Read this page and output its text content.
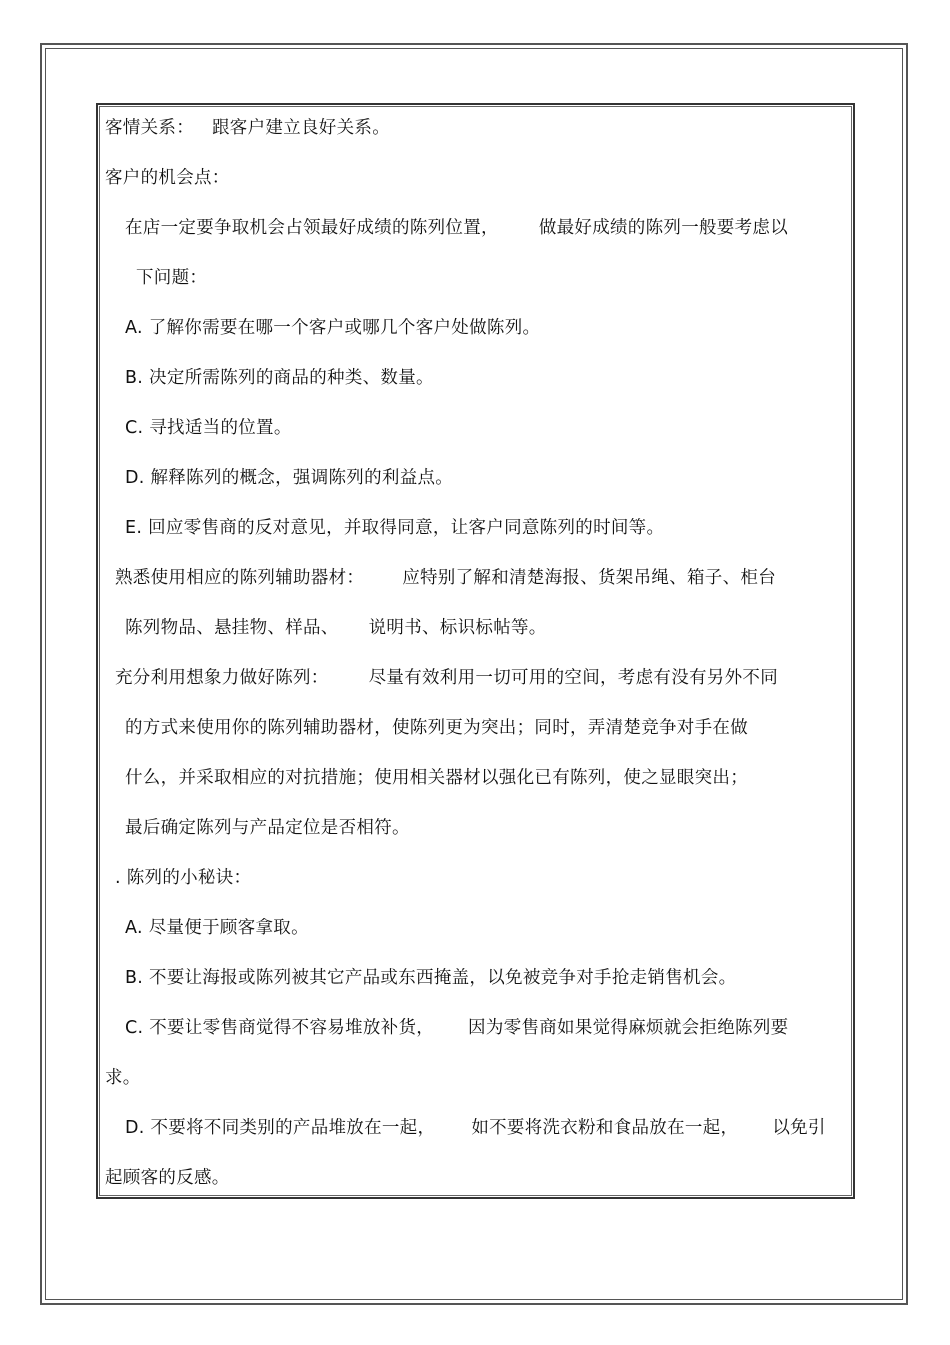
客情关系： 跟客户建立良好关系。
客户的机会点：
在店一定要争取机会占领最好成绩的陈列位置， 做最好成绩的陈列一般要考虑以
下问题：
A. 了解你需要在哪一个客户或哪几个客户处做陈列。
B. 决定所需陈列的商品的种类、数量。
C. 寻找适当的位置。
D. 解释陈列的概念，强调陈列的利益点。
E. 回应零售商的反对意见，并取得同意，让客户同意陈列的时间等。
熟悉使用相应的陈列辅助器材： 应特别了解和清楚海报、货架吊绳、箱子、柜台
陈列物品、悬挂物、样品、 说明书、标识标帖等。
充分利用想象力做好陈列： 尽量有效利用一切可用的空间，考虑有没有另外不同
的方式来使用你的陈列辅助器材，使陈列更为突出；同时，弄清楚竞争对手在做
什么，并采取相应的对抗措施；使用相关器材以强化已有陈列，使之显眼突出；
最后确定陈列与产品定位是否相符。
. 陈列的小秘诀：
A. 尽量便于顾客拿取。
B. 不要让海报或陈列被其它产品或东西掩盖，以免被竞争对手抢走销售机会。
C. 不要让零售商觉得不容易堆放补货， 因为零售商如果觉得麻烦就会拒绝陈列要
求。
D. 不要将不同类别的产品堆放在一起， 如不要将洗衣粉和食品放在一起， 以免引
起顾客的反感。
